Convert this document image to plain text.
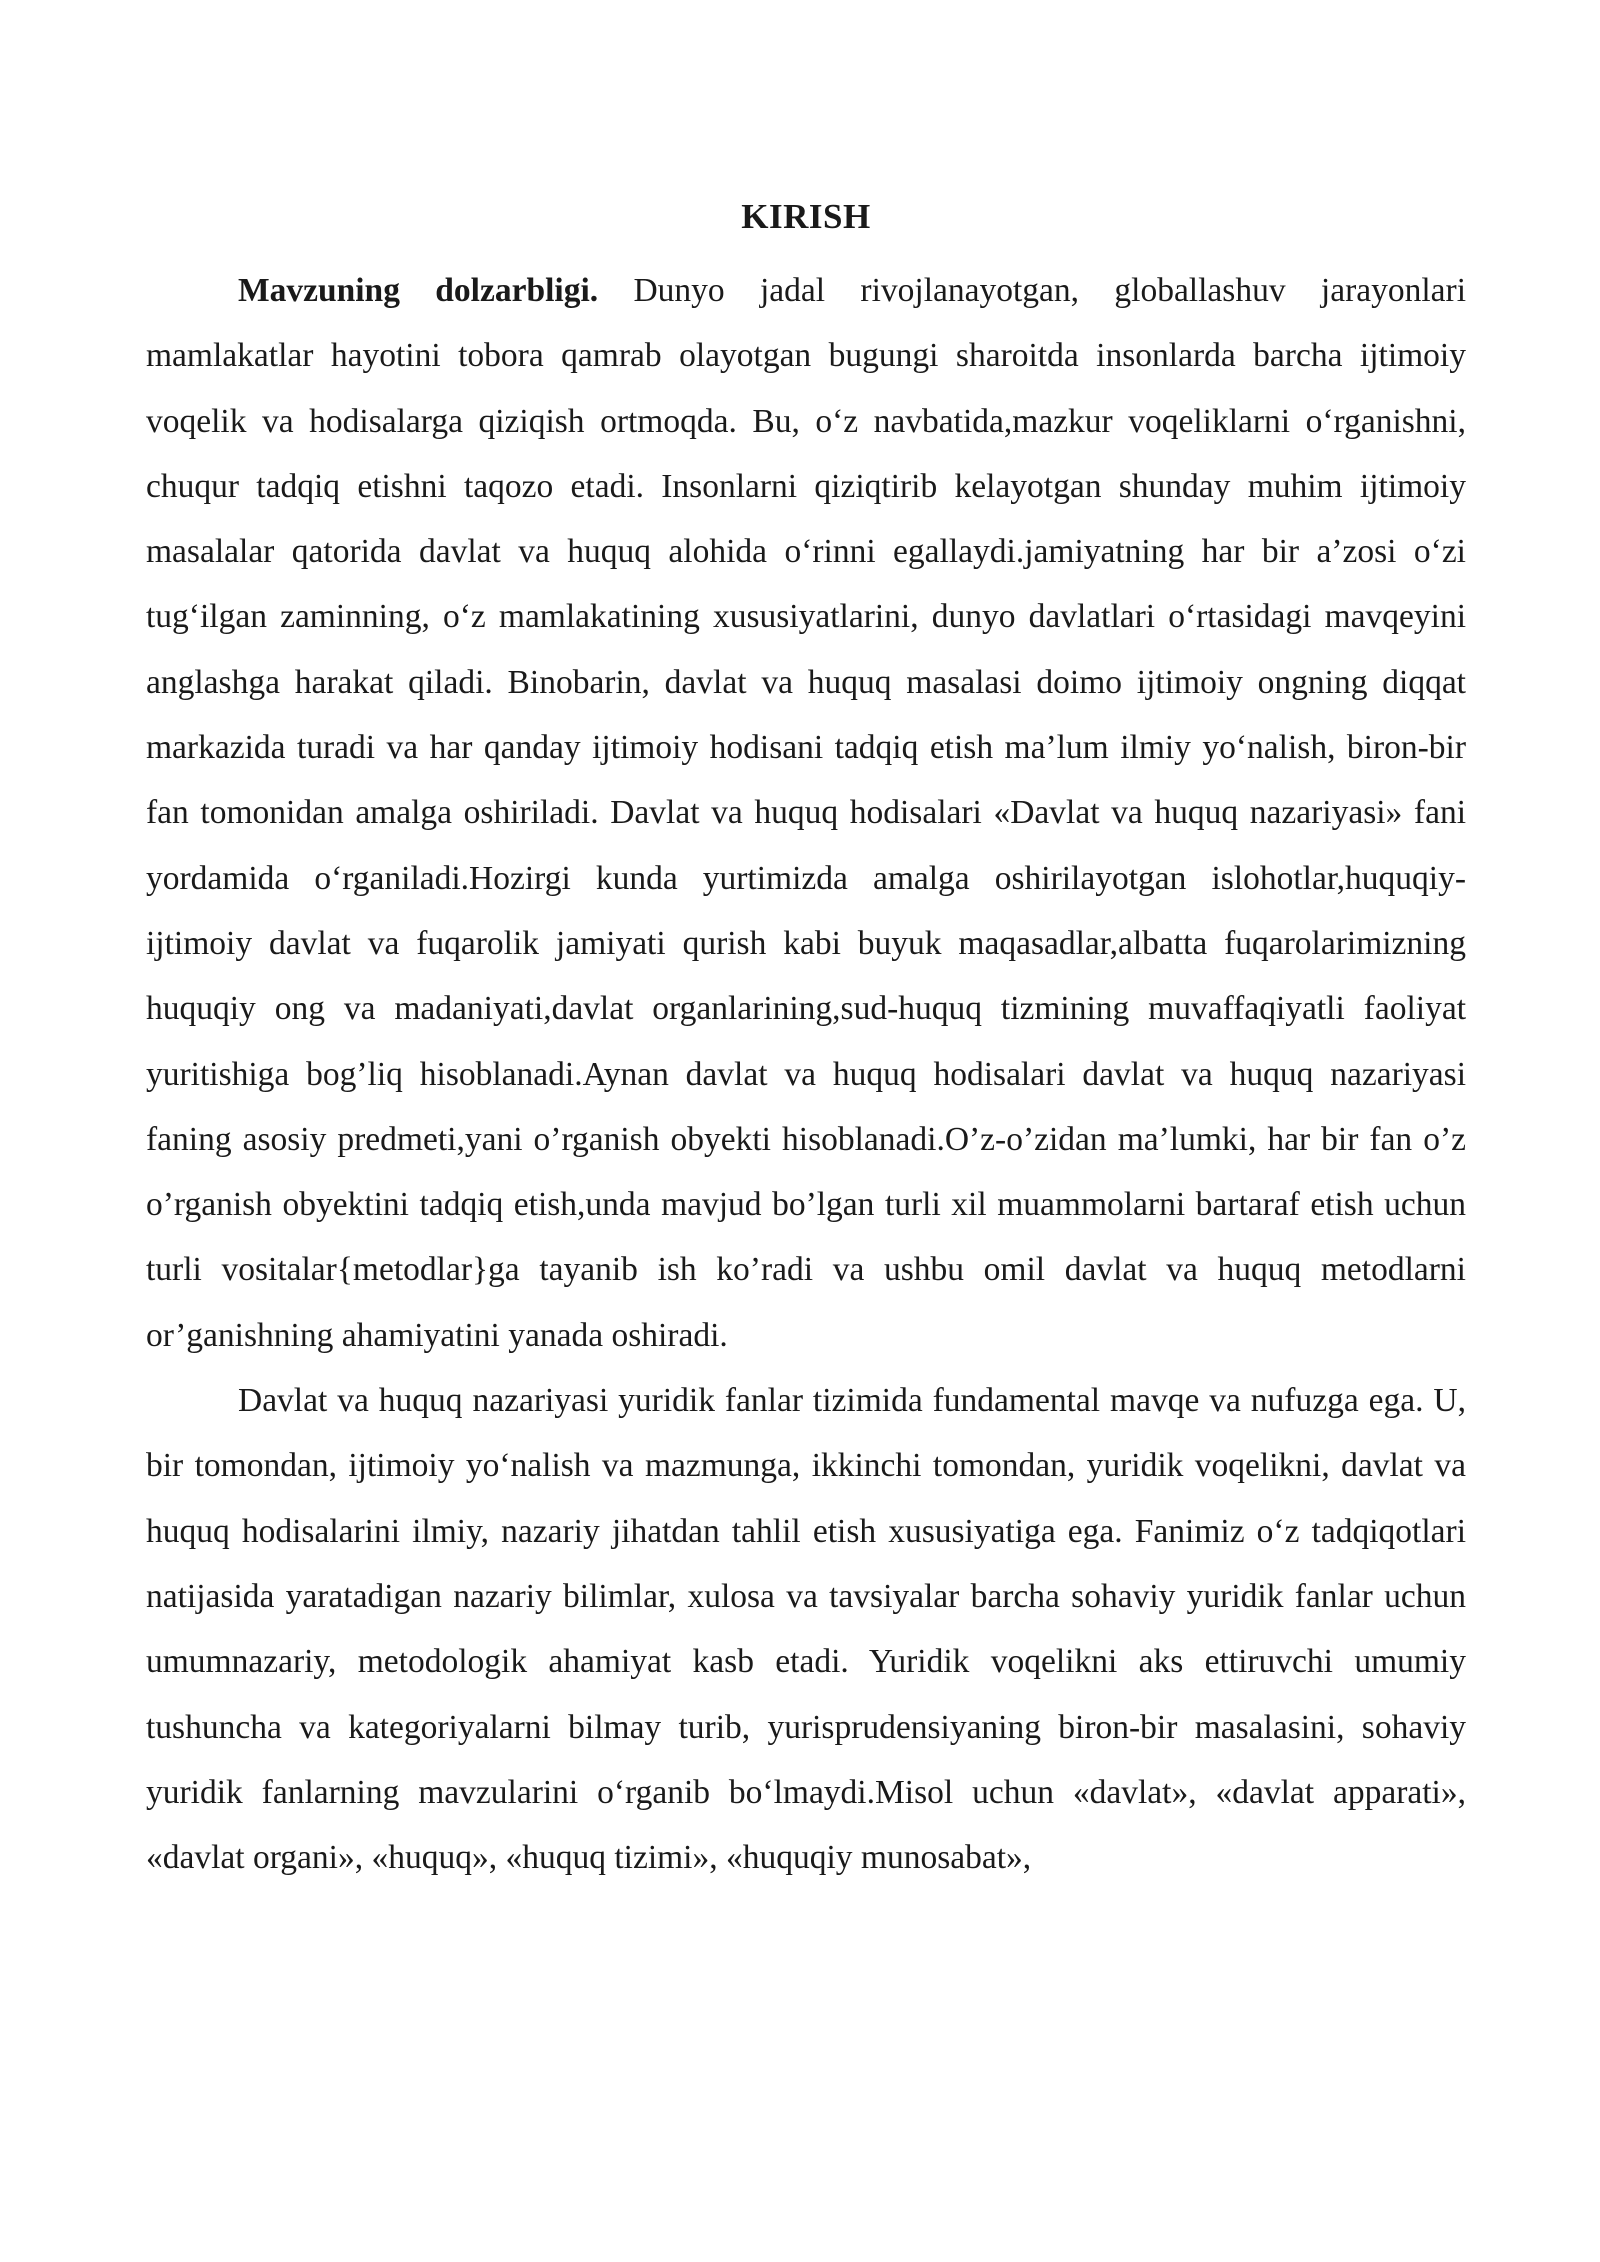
KIRISH

Mavzuning dolzarbligi. Dunyo jadal rivojlanayotgan, globallashuv jarayonlari mamlakatlar hayotini tobora qamrab olayotgan bugungi sharoitda insonlarda barcha ijtimoiy voqelik va hodisalarga qiziqish ortmoqda. Bu, oʻz navbatida,mazkur voqeliklarni oʻrganishni, chuqur tadqiq etishni taqozo etadi. Insonlarni qiziqtirib kelayotgan shunday muhim ijtimoiy masalalar qatorida davlat va huquq alohida oʻrinni egallaydi.jamiyatning har bir a’zosi oʻzi tugʻilgan zaminning, oʻz mamlakatining xususiyatlarini, dunyo davlatlari oʻrtasidagi mavqeyini anglashga harakat qiladi. Binobarin, davlat va huquq masalasi doimo ijtimoiy ongning diqqat markazida turadi va har qanday ijtimoiy hodisani tadqiq etish ma’lum ilmiy yoʻnalish, biron-bir fan tomonidan amalga oshiriladi. Davlat va huquq hodisalari «Davlat va huquq nazariyasi» fani yordamida oʻrganiladi.Hozirgi kunda yurtimizda amalga oshirilayotgan islohotlar,huquqiy-ijtimoiy davlat va fuqarolik jamiyati qurish kabi buyuk maqasadlar,albatta fuqarolarimizning huquqiy ong va madaniyati,davlat organlarining,sud-huquq tizmining muvaffaqiyatli faoliyat yuritishiga bog’liq hisoblanadi.Aynan davlat va huquq hodisalari davlat va huquq nazariyasi faning asosiy predmeti,yani o’rganish obyekti hisoblanadi.O’z-o’zidan ma’lumki, har bir fan o’z o’rganish obyektini tadqiq etish,unda mavjud bo’lgan turli xil muammolarni bartaraf etish uchun turli vositalar{metodlar}ga tayanib ish ko’radi va ushbu omil davlat va huquq metodlarni or’ganishning ahamiyatini yanada oshiradi.

Davlat va huquq nazariyasi yuridik fanlar tizimida fundamental mavqe va nufuzga ega. U, bir tomondan, ijtimoiy yoʻnalish va mazmunga, ikkinchi tomondan, yuridik voqelikni, davlat va huquq hodisalarini ilmiy, nazariy jihatdan tahlil etish xususiyatiga ega. Fanimiz oʻz tadqiqotlari natijasida yaratadigan nazariy bilimlar, xulosa va tavsiyalar barcha sohaviy yuridik fanlar uchun umumnazariy, metodologik ahamiyat kasb etadi. Yuridik voqelikni aks ettiruvchi umumiy tushuncha va kategoriyalarni bilmay turib, yurisprudensiyaning biron-bir masalasini, sohaviy yuridik fanlarning mavzularini oʻrganib boʻlmaydi.Misol uchun «davlat», «davlat apparati», «davlat organi», «huquq», «huquq tizimi», «huquqiy munosabat»,
